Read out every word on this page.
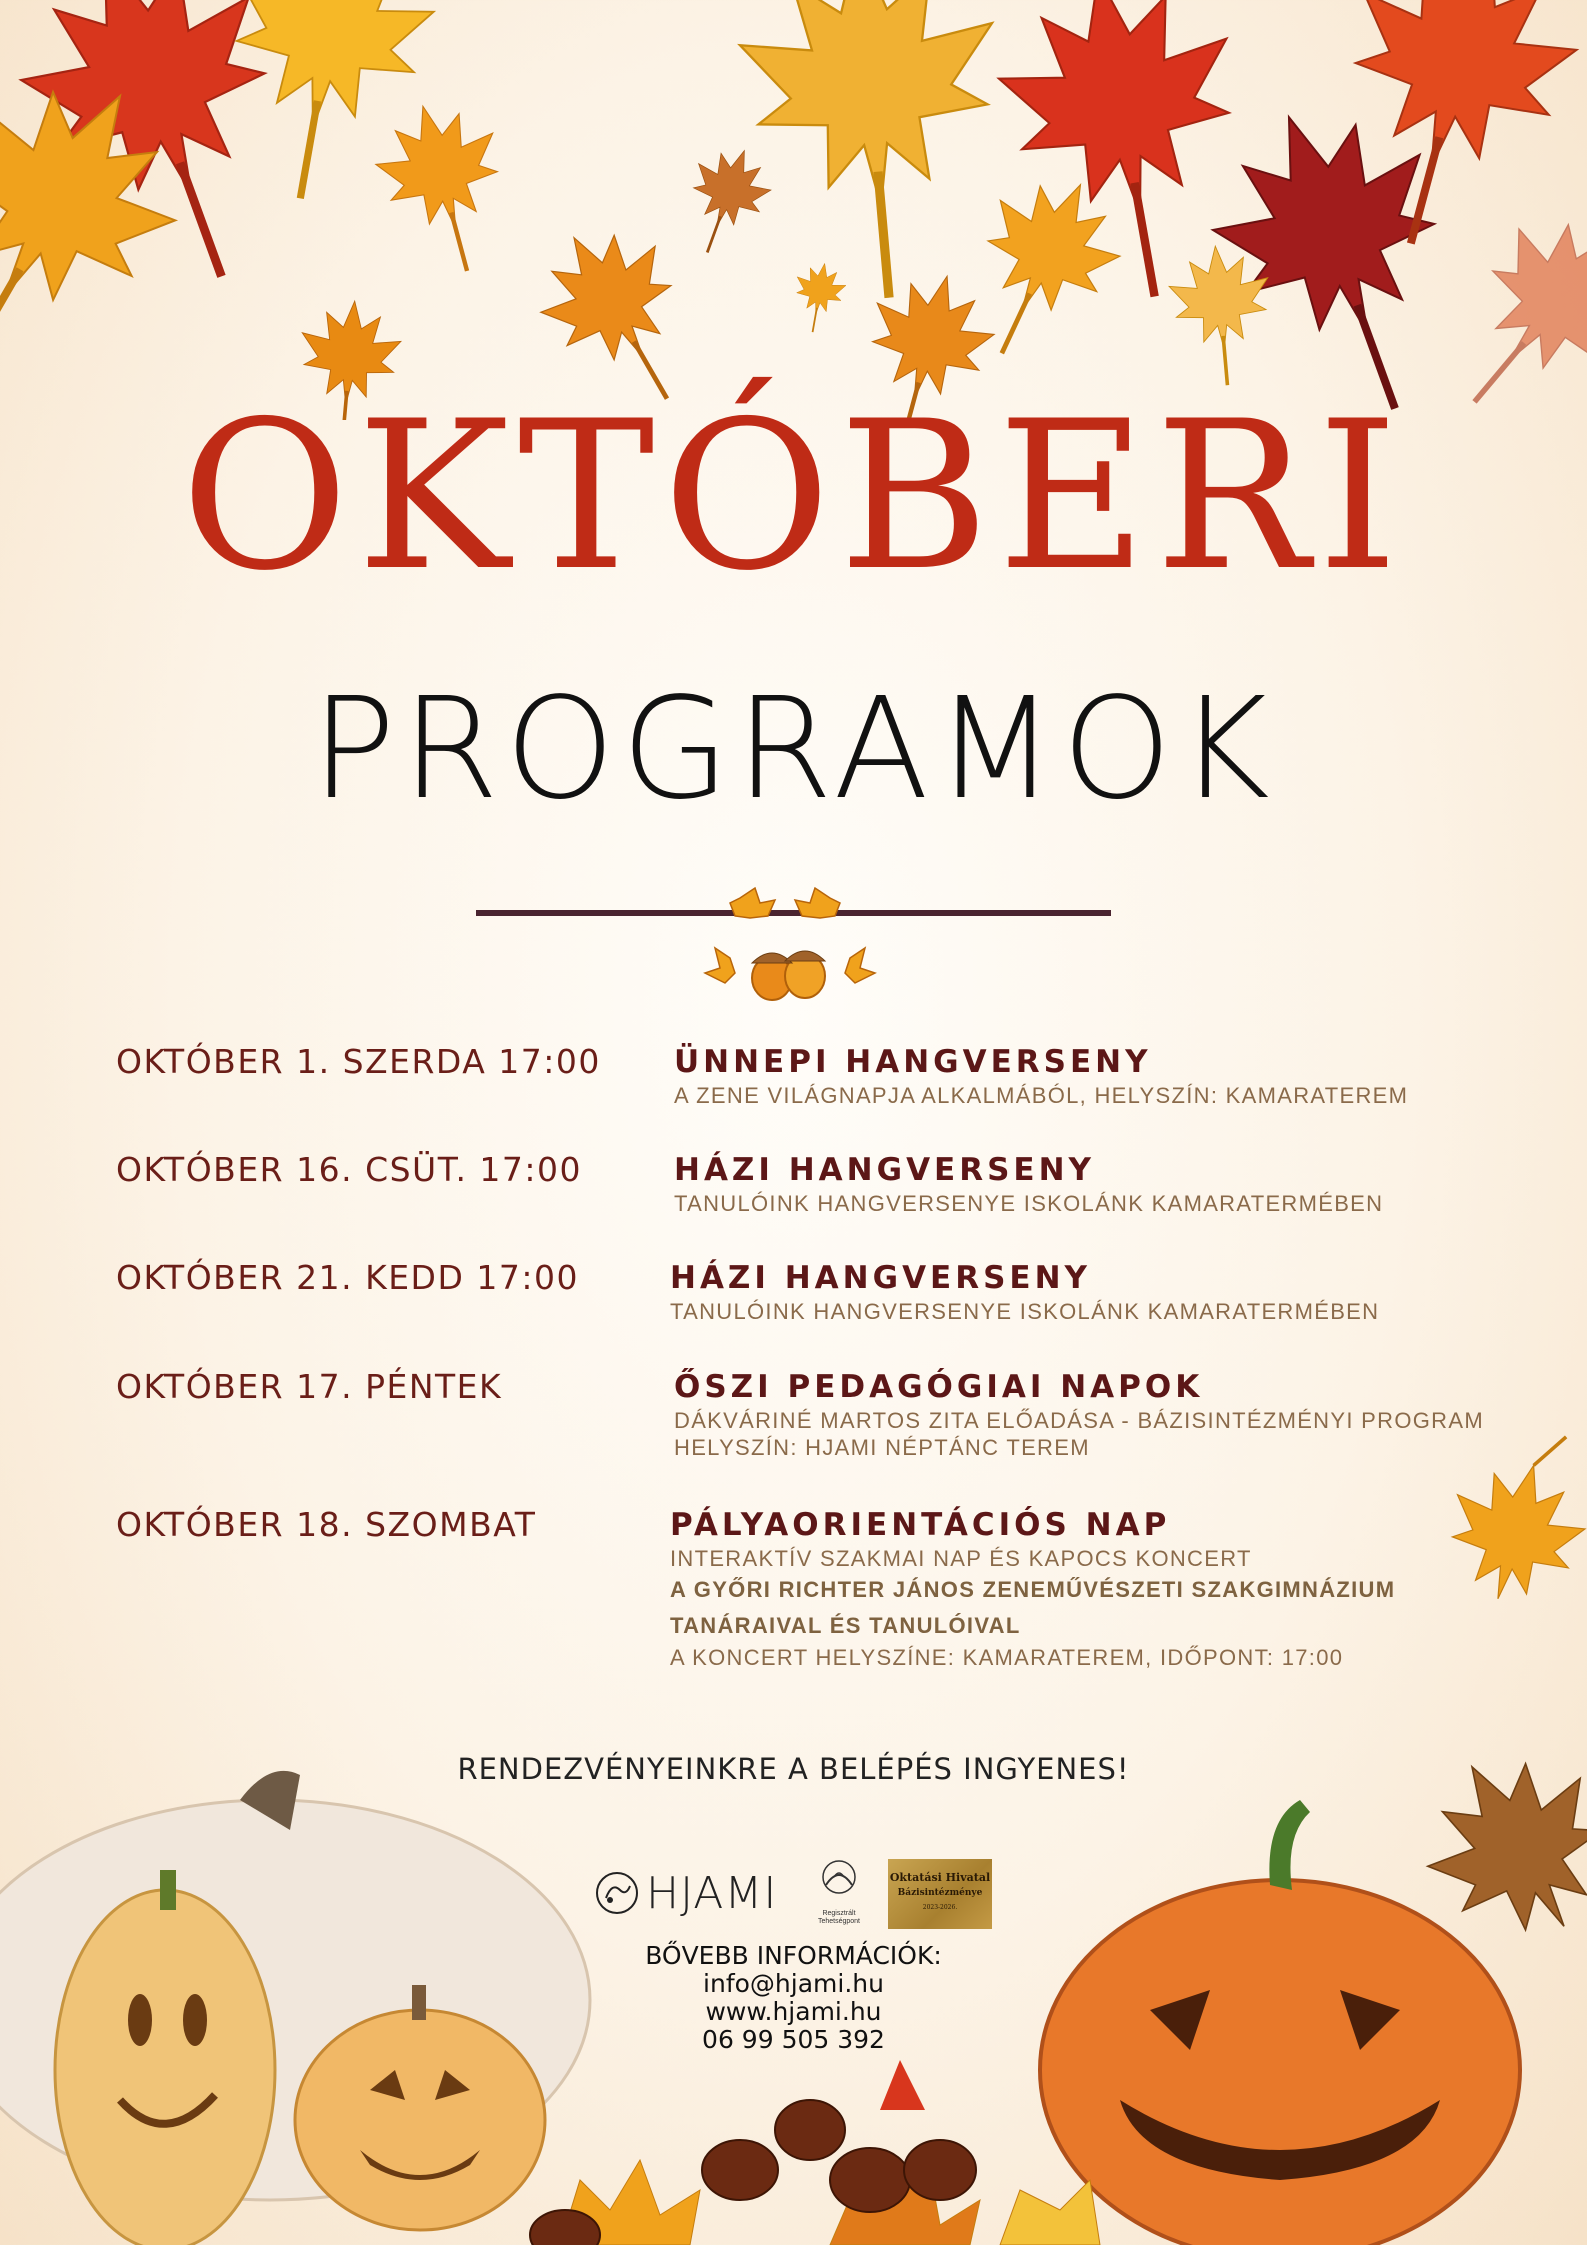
OKTÓBERI
PROGRAMOK
OKTÓBER 1. SZERDA 17:00 ÜNNEPI HANGVERSENY
A ZENE VILÁGNAPJA ALKALMÁBÓL, HELYSZÍN: KAMARATEREM
OKTÓBER 16. CSÜT. 17:00	HÁZI HANGVERSENY
TANULÓINK HANGVERSENYE ISKOLÁNK KAMARATERMÉBEN
OKTÓBER 21. KEDD 17:00	HÁZI HANGVERSENY
TANULÓINK HANGVERSENYE ISKOLÁNK KAMARATERMÉBEN
OKTÓBER 17. PÉNTEK	ŐSZI PEDAGÓGIAI NAPOK
DÁKVÁRINÉ MARTOS ZITA ELŐADÁSA - BÁZISINTÉZMÉNYI PROGRAM
HELYSZÍN: HJAMI NÉPTÁNC TEREM
OKTÓBER 18. SZOMBAT	PÁLYAORIENTÁCIÓS NAP
INTERAKTÍV SZAKMAI NAP ÉS KAPOCS KONCERT
A GYŐRI RICHTER JÁNOS ZENEMŰVÉSZETI SZAKGIMNÁZIUM
TANÁRAIVAL ÉS TANULÓIVAL
A KONCERT HELYSZÍNE: KAMARATEREM, IDŐPONT: 17:00
RENDEZVÉNYEINKRE A BELÉPÉS INGYENES!
HJAMI	Regisztrált
Tehetségpont
Oktatási Hivatal
Bázisintézménye
2023-2026.
BŐVEBB INFORMÁCIÓK:
info@hjami.hu
www.hjami.hu
06 99 505 392
